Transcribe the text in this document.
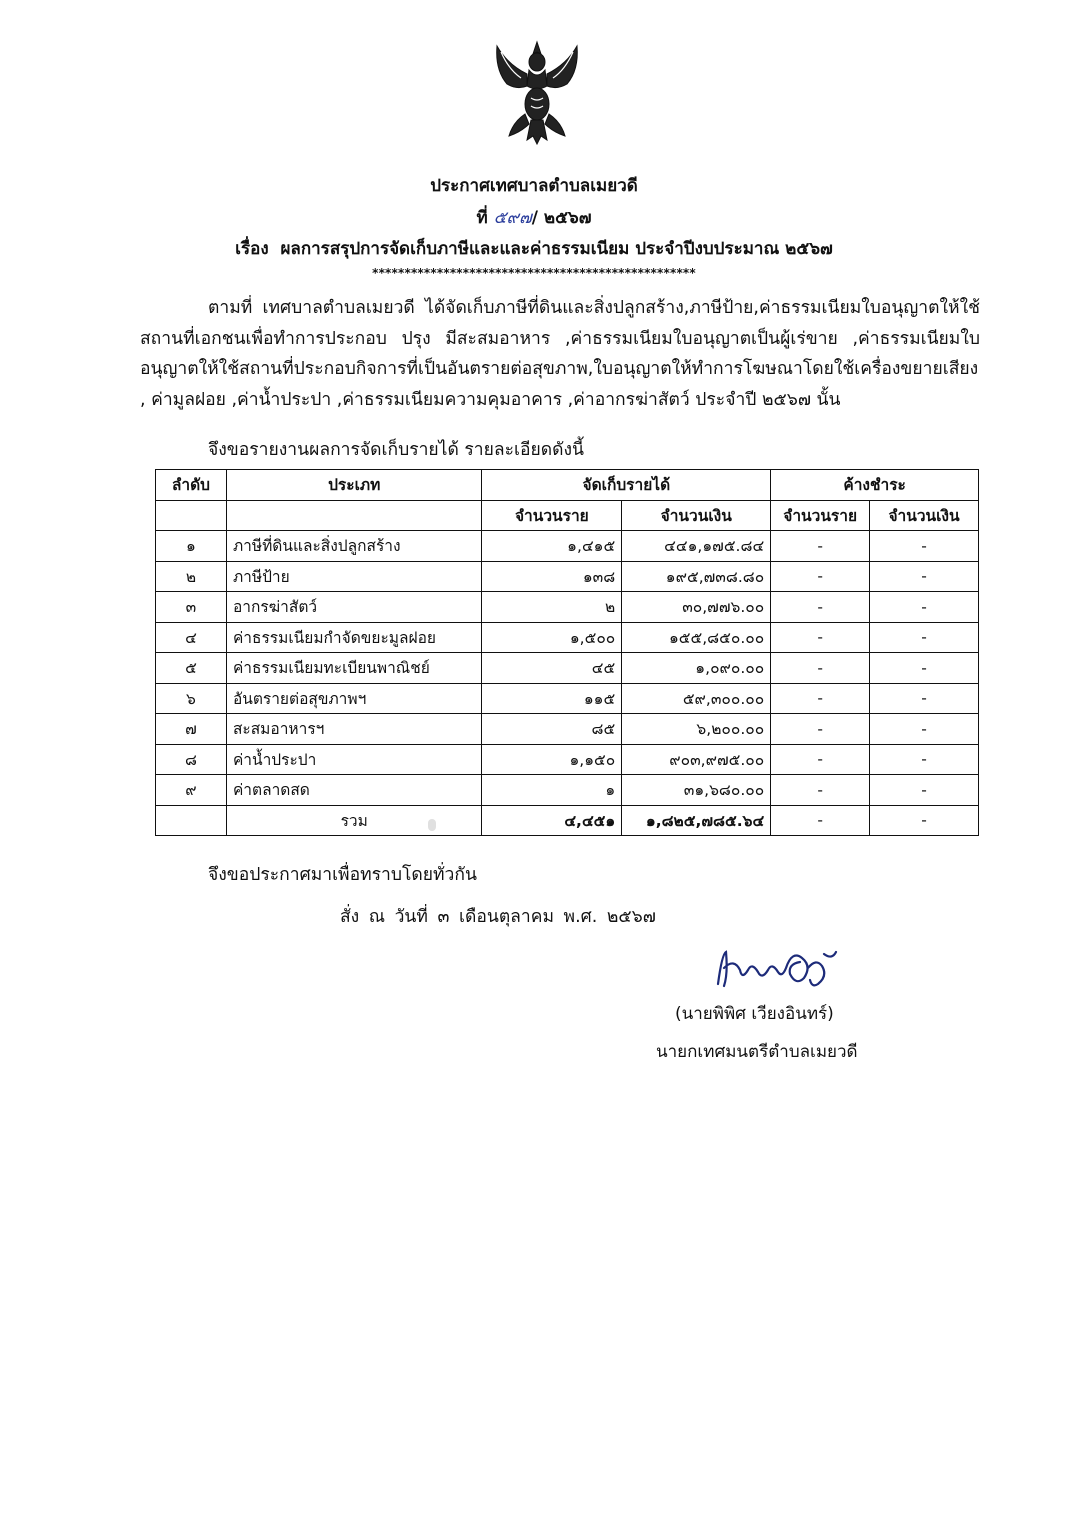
ประกาศเทศบาลตำบลเมยวดี
ที่ ๕๙๗/ ๒๕๖๗
เรื่อง ผลการสรุปการจัดเก็บภาษีและและค่าธรรมเนียม ประจำปีงบประมาณ ๒๕๖๗
**************************************************
ตามที่ เทศบาลตำบลเมยวดี ได้จัดเก็บภาษีที่ดินและสิ่งปลูกสร้าง,ภาษีป้าย,ค่าธรรมเนียมใบอนุญาตให้ใช้สถานที่เอกชนเพื่อทำการประกอบ ปรุง มีสะสมอาหาร ,ค่าธรรมเนียมใบอนุญาตเป็นผู้เร่ขาย ,ค่าธรรมเนียมใบอนุญาตให้ใช้สถานที่ประกอบกิจการที่เป็นอันตรายต่อสุขภาพ,ใบอนุญาตให้ทำการโฆษณาโดยใช้เครื่องขยายเสียง , ค่ามูลฝอย ,ค่าน้ำประปา ,ค่าธรรมเนียมความคุมอาคาร ,ค่าอากรฆ่าสัตว์ ประจำปี ๒๕๖๗ นั้น
จึงขอรายงานผลการจัดเก็บรายได้ รายละเอียดดังนี้
ลำดับ	ประเภท	จัดเก็บรายได้		ค้างชำระ	
		จำนวนราย	จำนวนเงิน	จำนวนราย	จำนวนเงิน
๑	ภาษีที่ดินและสิ่งปลูกสร้าง	๑,๔๑๕	๔๔๑,๑๗๕.๘๔	-	-
๒	ภาษีป้าย	๑๓๘	๑๙๕,๗๓๘.๘๐	-	-
๓	อากรฆ่าสัตว์	๒	๓๐,๗๗๖.๐๐	-	-
๔	ค่าธรรมเนียมกำจัดขยะมูลฝอย	๑,๕๐๐	๑๕๕,๘๕๐.๐๐	-	-
๕	ค่าธรรมเนียมทะเบียนพาณิชย์	๔๕	๑,๐๙๐.๐๐	-	-
๖	อันตรายต่อสุขภาพฯ	๑๑๕	๕๙,๓๐๐.๐๐	-	-
๗	สะสมอาหารฯ	๘๕	๖,๒๐๐.๐๐	-	-
๘	ค่าน้ำประปา	๑,๑๕๐	๙๐๓,๙๗๕.๐๐	-	-
๙	ค่าตลาดสด	๑	๓๑,๖๘๐.๐๐	-	-
	รวม	๔,๔๕๑	๑,๘๒๕,๗๘๕.๖๔	-	-
จึงขอประกาศมาเพื่อทราบโดยทั่วกัน
สั่ง ณ วันที่ ๓ เดือนตุลาคม พ.ศ. ๒๕๖๗
(นายพิพิศ เวียงอินทร์)
นายกเทศมนตรีตำบลเมยวดี
